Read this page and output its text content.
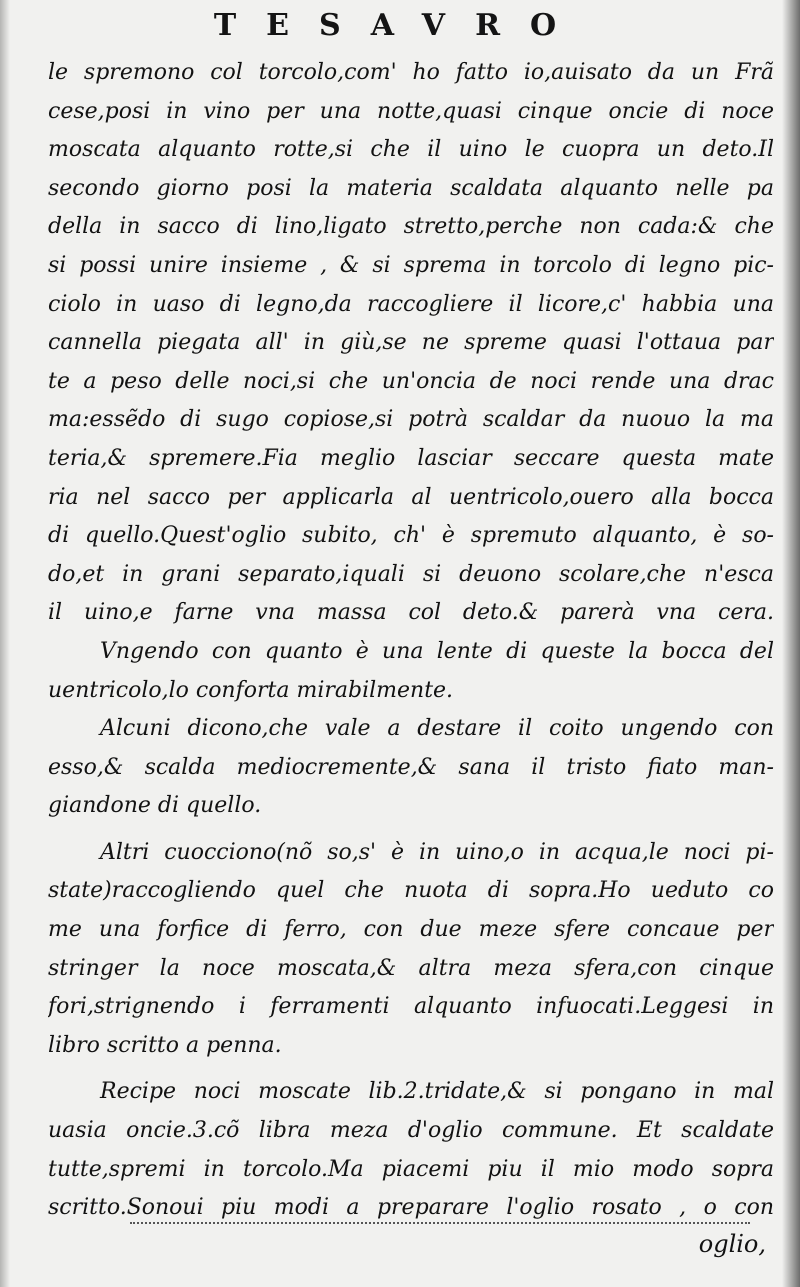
TESAVRO
le spremono col torcolo,com' ho fatto io,auisato da un Frã
cese,posi in vino per una notte,quasi cinque oncie di noce
moscata alquanto rotte,si che il uino le cuopra un deto.Il
secondo giorno posi la materia scaldata alquanto nelle pa
della in sacco di lino,ligato stretto,perche non cada:& che
si possi unire insieme , & si sprema in torcolo di legno pic-
ciolo in uaso di legno,da raccogliere il licore,c' habbia una
cannella piegata all' in giù,se ne spreme quasi l'ottaua par
te a peso delle noci,si che un'oncia de noci rende una drac
ma:essẽdo di sugo copiose,si potrà scaldar da nuouo la ma
teria,& spremere.Fia meglio lasciar seccare questa mate
ria nel sacco per applicarla al uentricolo,ouero alla bocca
di quello.Quest'oglio subito, ch' è spremuto alquanto, è so-
do,et in grani separato,iquali si deuono scolare,che n'esca
il uino,e farne vna massa col deto.& parerà vna cera.
Vngendo con quanto è una lente di queste la bocca del
uentricolo,lo conforta mirabilmente.
Alcuni dicono,che vale a destare il coito ungendo con
esso,& scalda mediocremente,& sana il tristo fiato man-
giandone di quello.
Altri cuocciono(nõ so,s' è in uino,o in acqua,le noci pi-
state)raccogliendo quel che nuota di sopra.Ho ueduto co
me una forfice di ferro, con due meze sfere concaue per
stringer la noce moscata,& altra meza sfera,con cinque
fori,strignendo i ferramenti alquanto infuocati.Leggesi in
libro scritto a penna.
Recipe noci moscate lib.2.tridate,& si pongano in mal
uasia oncie.3.cõ libra meza d'oglio commune. Et scaldate
tutte,spremi in torcolo.Ma piacemi piu il mio modo sopra
scritto.Sonoui piu modi a preparare l'oglio rosato , o con
oglio,
